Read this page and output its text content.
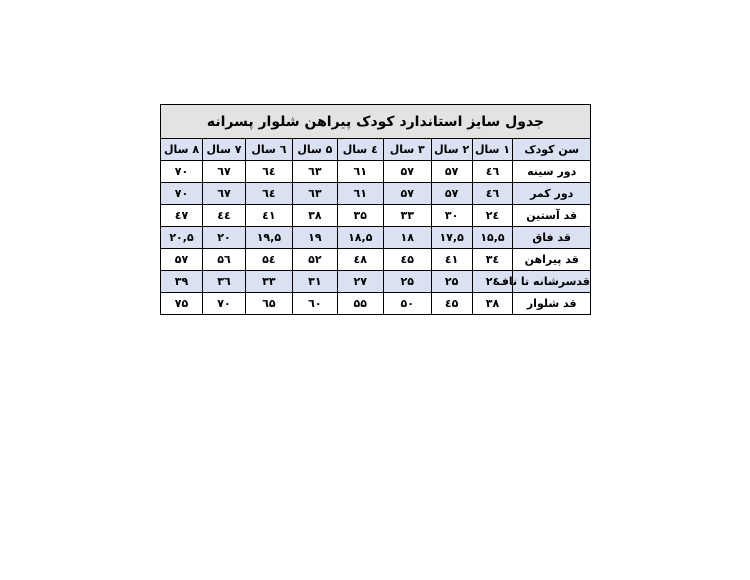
جدول سایز استاندارد کودک پیراهن شلوار پسرانه								
سن کودک	۱ سال	۲ سال	۳ سال	٤ سال	۵ سال	٦ سال	۷ سال	۸ سال
دور سینه	٤٦	۵۷	۵۷	٦١	٦٣	٦٤	٦٧	۷۰
دور کمر	٤٦	۵۷	۵۷	٦١	٦٣	٦٤	٦٧	۷۰
قد آستین	۲٤	۳۰	۳۳	۳۵	۳۸	٤١	٤٤	٤۷
قد فاق	۱۵,۵	۱۷,۵	۱۸	۱۸,۵	۱۹	۱۹,۵	۲۰	۲۰,۵
قد پیراهن	۳٤	٤١	٤۵	٤۸	۵۲	۵٤	۵٦	۵۷
قدسرشانه تا ناف	۲٤	۲۵	۲۵	۲۷	۳١	۳۳	۳٦	۳۹
قد شلوار	۳۸	٤۵	۵۰	۵۵	٦۰	٦۵	۷۰	۷۵
